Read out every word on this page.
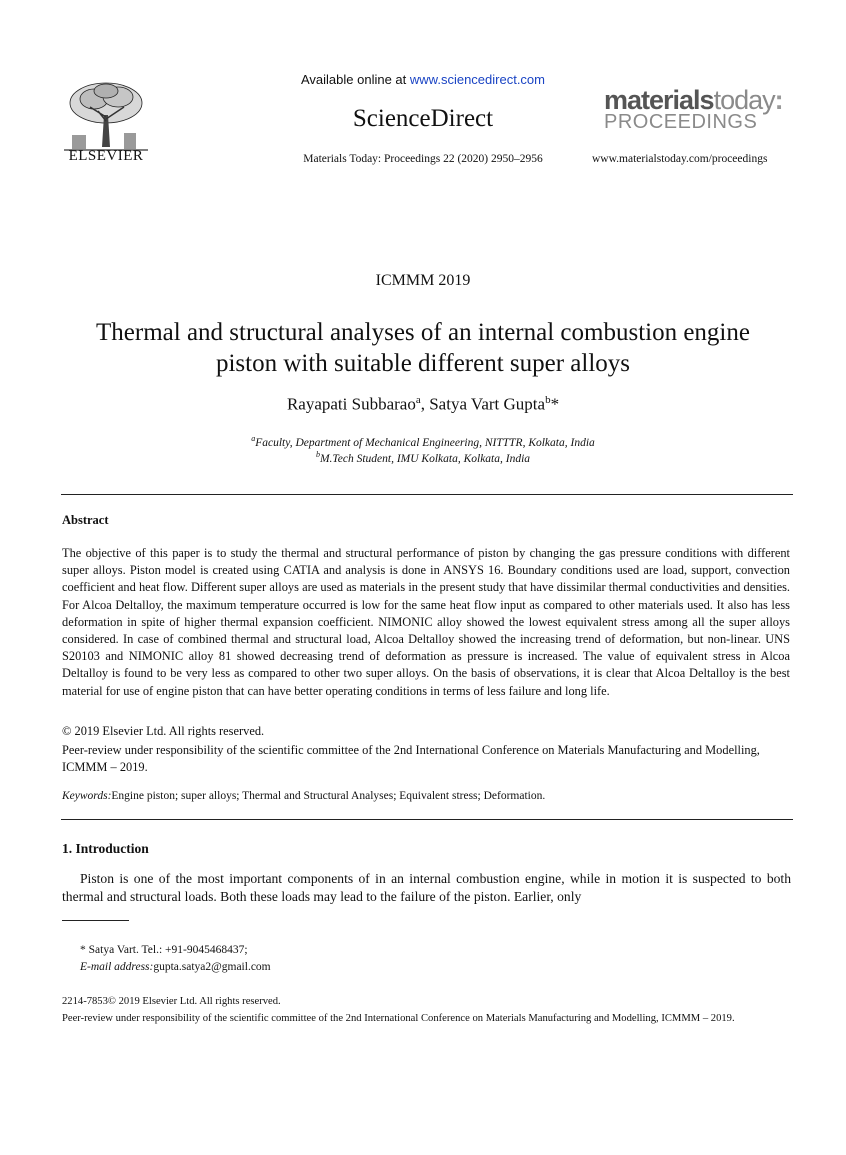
ELSEVIER
Available online at www.sciencedirect.com
ScienceDirect
Materials Today: Proceedings 22 (2020) 2950–2956
materialstoday:
PROCEEDINGS
www.materialstoday.com/proceedings
ICMMM 2019
Thermal and structural analyses of an internal combustion engine piston with suitable different super alloys
Rayapati Subbarao$^a$, Satya Vart Gupta$^b$*
$^a$Faculty, Department of Mechanical Engineering, NITTTR, Kolkata, India
$^b$M.Tech Student, IMU Kolkata, Kolkata, India
Abstract
The objective of this paper is to study the thermal and structural performance of piston by changing the gas pressure conditions with different super alloys. Piston model is created using CATIA and analysis is done in ANSYS 16. Boundary conditions used are load, support, convection coefficient and heat flow. Different super alloys are used as materials in the present study that have dissimilar thermal conductivities and densities. For Alcoa Deltalloy, the maximum temperature occurred is low for the same heat flow input as compared to other materials used. It also has less deformation in spite of higher thermal expansion coefficient. NIMONIC alloy showed the lowest equivalent stress among all the super alloys considered. In case of combined thermal and structural load, Alcoa Deltalloy showed the increasing trend of deformation, but non-linear. UNS S20103 and NIMONIC alloy 81 showed decreasing trend of deformation as pressure is increased. The value of equivalent stress in Alcoa Deltalloy is found to be very less as compared to other two super alloys. On the basis of observations, it is clear that Alcoa Deltalloy is the best material for use of engine piston that can have better operating conditions in terms of less failure and long life.
© 2019 Elsevier Ltd. All rights reserved.
Peer-review under responsibility of the scientific committee of the 2nd International Conference on Materials Manufacturing and Modelling, ICMMM – 2019.
Keywords:Engine piston; super alloys; Thermal and Structural Analyses; Equivalent stress; Deformation.
1. Introduction
Piston is one of the most important components of in an internal combustion engine, while in motion it is suspected to both thermal and structural loads. Both these loads may lead to the failure of the piston. Earlier, only
* Satya Vart. Tel.: +91-9045468437;
E-mail address:gupta.satya2@gmail.com
2214-7853© 2019 Elsevier Ltd. All rights reserved.
Peer-review under responsibility of the scientific committee of the 2nd International Conference on Materials Manufacturing and Modelling, ICMMM – 2019.
